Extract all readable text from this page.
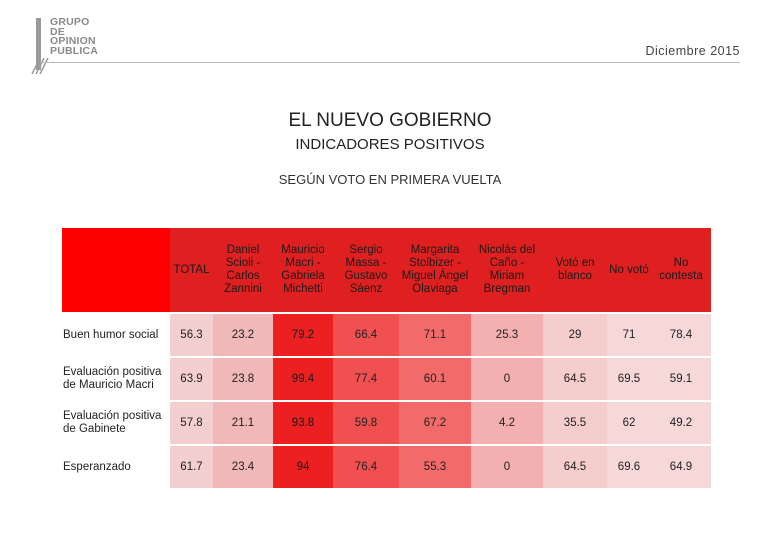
GRUPO
DE
OPINION
PUBLICA	Diciembre 2015
EL NUEVO GOBIERNO
INDICADORES POSITIVOS
SEGÚN VOTO EN PRIMERA VUELTA
	TOTAL	Daniel Scioli - Carlos Zannini	Mauricio Macri - Gabriela Michetti	Sergio Massa - Gustavo Sáenz	Margarita Stolbizer - Miguel Ángel Olaviaga	Nicolás del Caño - Miriam Bregman	Votó en blanco	No votó	No contesta
Buen humor social	56.3	23.2	79.2	66.4	71.1	25.3	29	71	78.4
Evaluación positiva de Mauricio Macri	63.9	23.8	99.4	77.4	60.1	0	64.5	69.5	59.1
Evaluación positiva de Gabinete	57.8	21.1	93.8	59.8	67.2	4.2	35.5	62	49.2
Esperanzado	61.7	23.4	94	76.4	55.3	0	64.5	69.6	64.9
